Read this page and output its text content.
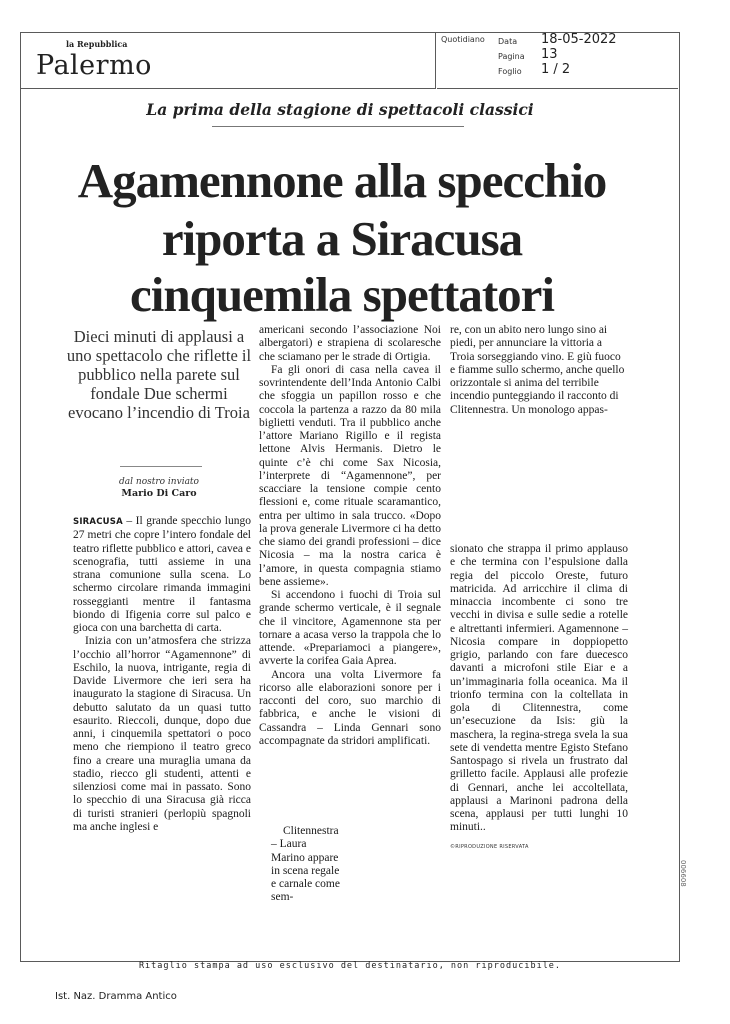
la Repubblica
Palermo
Quotidiano Data 18-05-2022
Pagina 13
Foglio 1 / 2
La prima della stagione di spettacoli classici
Agamennone alla specchio
riporta a Siracusa
cinquemila spettatori
Dieci minuti di applausi a uno spettacolo che riflette il pubblico nella parete sul fondale Due schermi evocano l’incendio di Troia
dal nostro inviato
Mario Di Caro

SIRACUSA – Il grande specchio lungo 27 metri che copre l’intero fondale del teatro riflette pubblico e attori, cavea e scenografia, tutti assieme in una strana comunione sulla scena. Lo schermo circolare rimanda immagini rosseggianti mentre il fantasma biondo di Ifigenia corre sul palco e gioca con una barchetta di carta.

Inizia con un’atmosfera che strizza l’occhio all’horror “Agamennone” di Eschilo, la nuova, intrigante, regia di Davide Livermore che ieri sera ha inaugurato la stagione di Siracusa. Un debutto salutato da un quasi tutto esaurito. Rieccoli, dunque, dopo due anni, i cinquemila spettatori o poco meno che riempiono il teatro greco fino a creare una muraglia umana da stadio, riecco gli studenti, attenti e silenziosi come mai in passato. Sono lo specchio di una Siracusa già ricca di turisti stranieri (perlopiù spagnoli ma anche inglesi e

americani secondo l’associazione Noi albergatori) e strapiena di scolaresche che sciamano per le strade di Ortigia.

Fa gli onori di casa nella cavea il sovrintendente dell’Inda Antonio Calbi che sfoggia un papillon rosso e che coccola la partenza a razzo da 80 mila biglietti venduti. Tra il pubblico anche l’attore Mariano Rigillo e il regista lettone Alvis Hermanis. Dietro le quinte c’è chi come Sax Nicosia, l’interprete di “Agamennone”, per scacciare la tensione compie cento flessioni e, come rituale scaramantico, entra per ultimo in sala trucco. «Dopo la prova generale Livermore ci ha detto che siamo dei grandi professioni – dice Nicosia – ma la nostra carica è l’amore, in questa compagnia stiamo bene assieme».

Si accendono i fuochi di Troia sul grande schermo verticale, è il segnale che il vincitore, Agamennone sta per tornare a acasa verso la trappola che lo attende. «Prepariamoci a piangere», avverte la corifea Gaia Aprea.

Ancora una volta Livermore fa ricorso alle elaborazioni sonore per i racconti del coro, suo marchio di fabbrica, e anche le visioni di Cassandra – Linda Gennari sono accompagnate da stridori amplificati.

Clitennestra – Laura Marino appare in scena regale e carnale come sem-

re, con un abito nero lungo sino ai piedi, per annunciare la vittoria a Troia sorseggiando vino. E giù fuoco e fiamme sullo schermo, anche quello orizzontale si anima del terribile incendio punteggiando il racconto di Clitennestra. Un monologo appas-

sionato che strappa il primo applauso e che termina con l’espulsione dalla regia del piccolo Oreste, futuro matricida. Ad arricchire il clima di minaccia incombente ci sono tre vecchi in divisa e sulle sedie a rotelle e altrettanti infermieri. Agamennone – Nicosia compare in doppiopetto grigio, parlando con fare duecesco davanti a microfoni stile Eiar e a un’immaginaria folla oceanica. Ma il trionfo termina con la coltellata in gola di Clitennestra, come un’esecuzione da Isis: giù la maschera, la regina-strega svela la sua sete di vendetta mentre Egisto Stefano Santospago si rivela un frustrato dal grilletto facile. Applausi alle profezie di Gennari, anche lei accoltellata, applausi a Marinoni padrona della scena, applausi per tutti lunghi 10 minuti..

©RIPRODUZIONE RISERVATA
006608
Ritaglio stampa ad uso esclusivo del destinatario, non riproducibile.
Ist. Naz. Dramma Antico
